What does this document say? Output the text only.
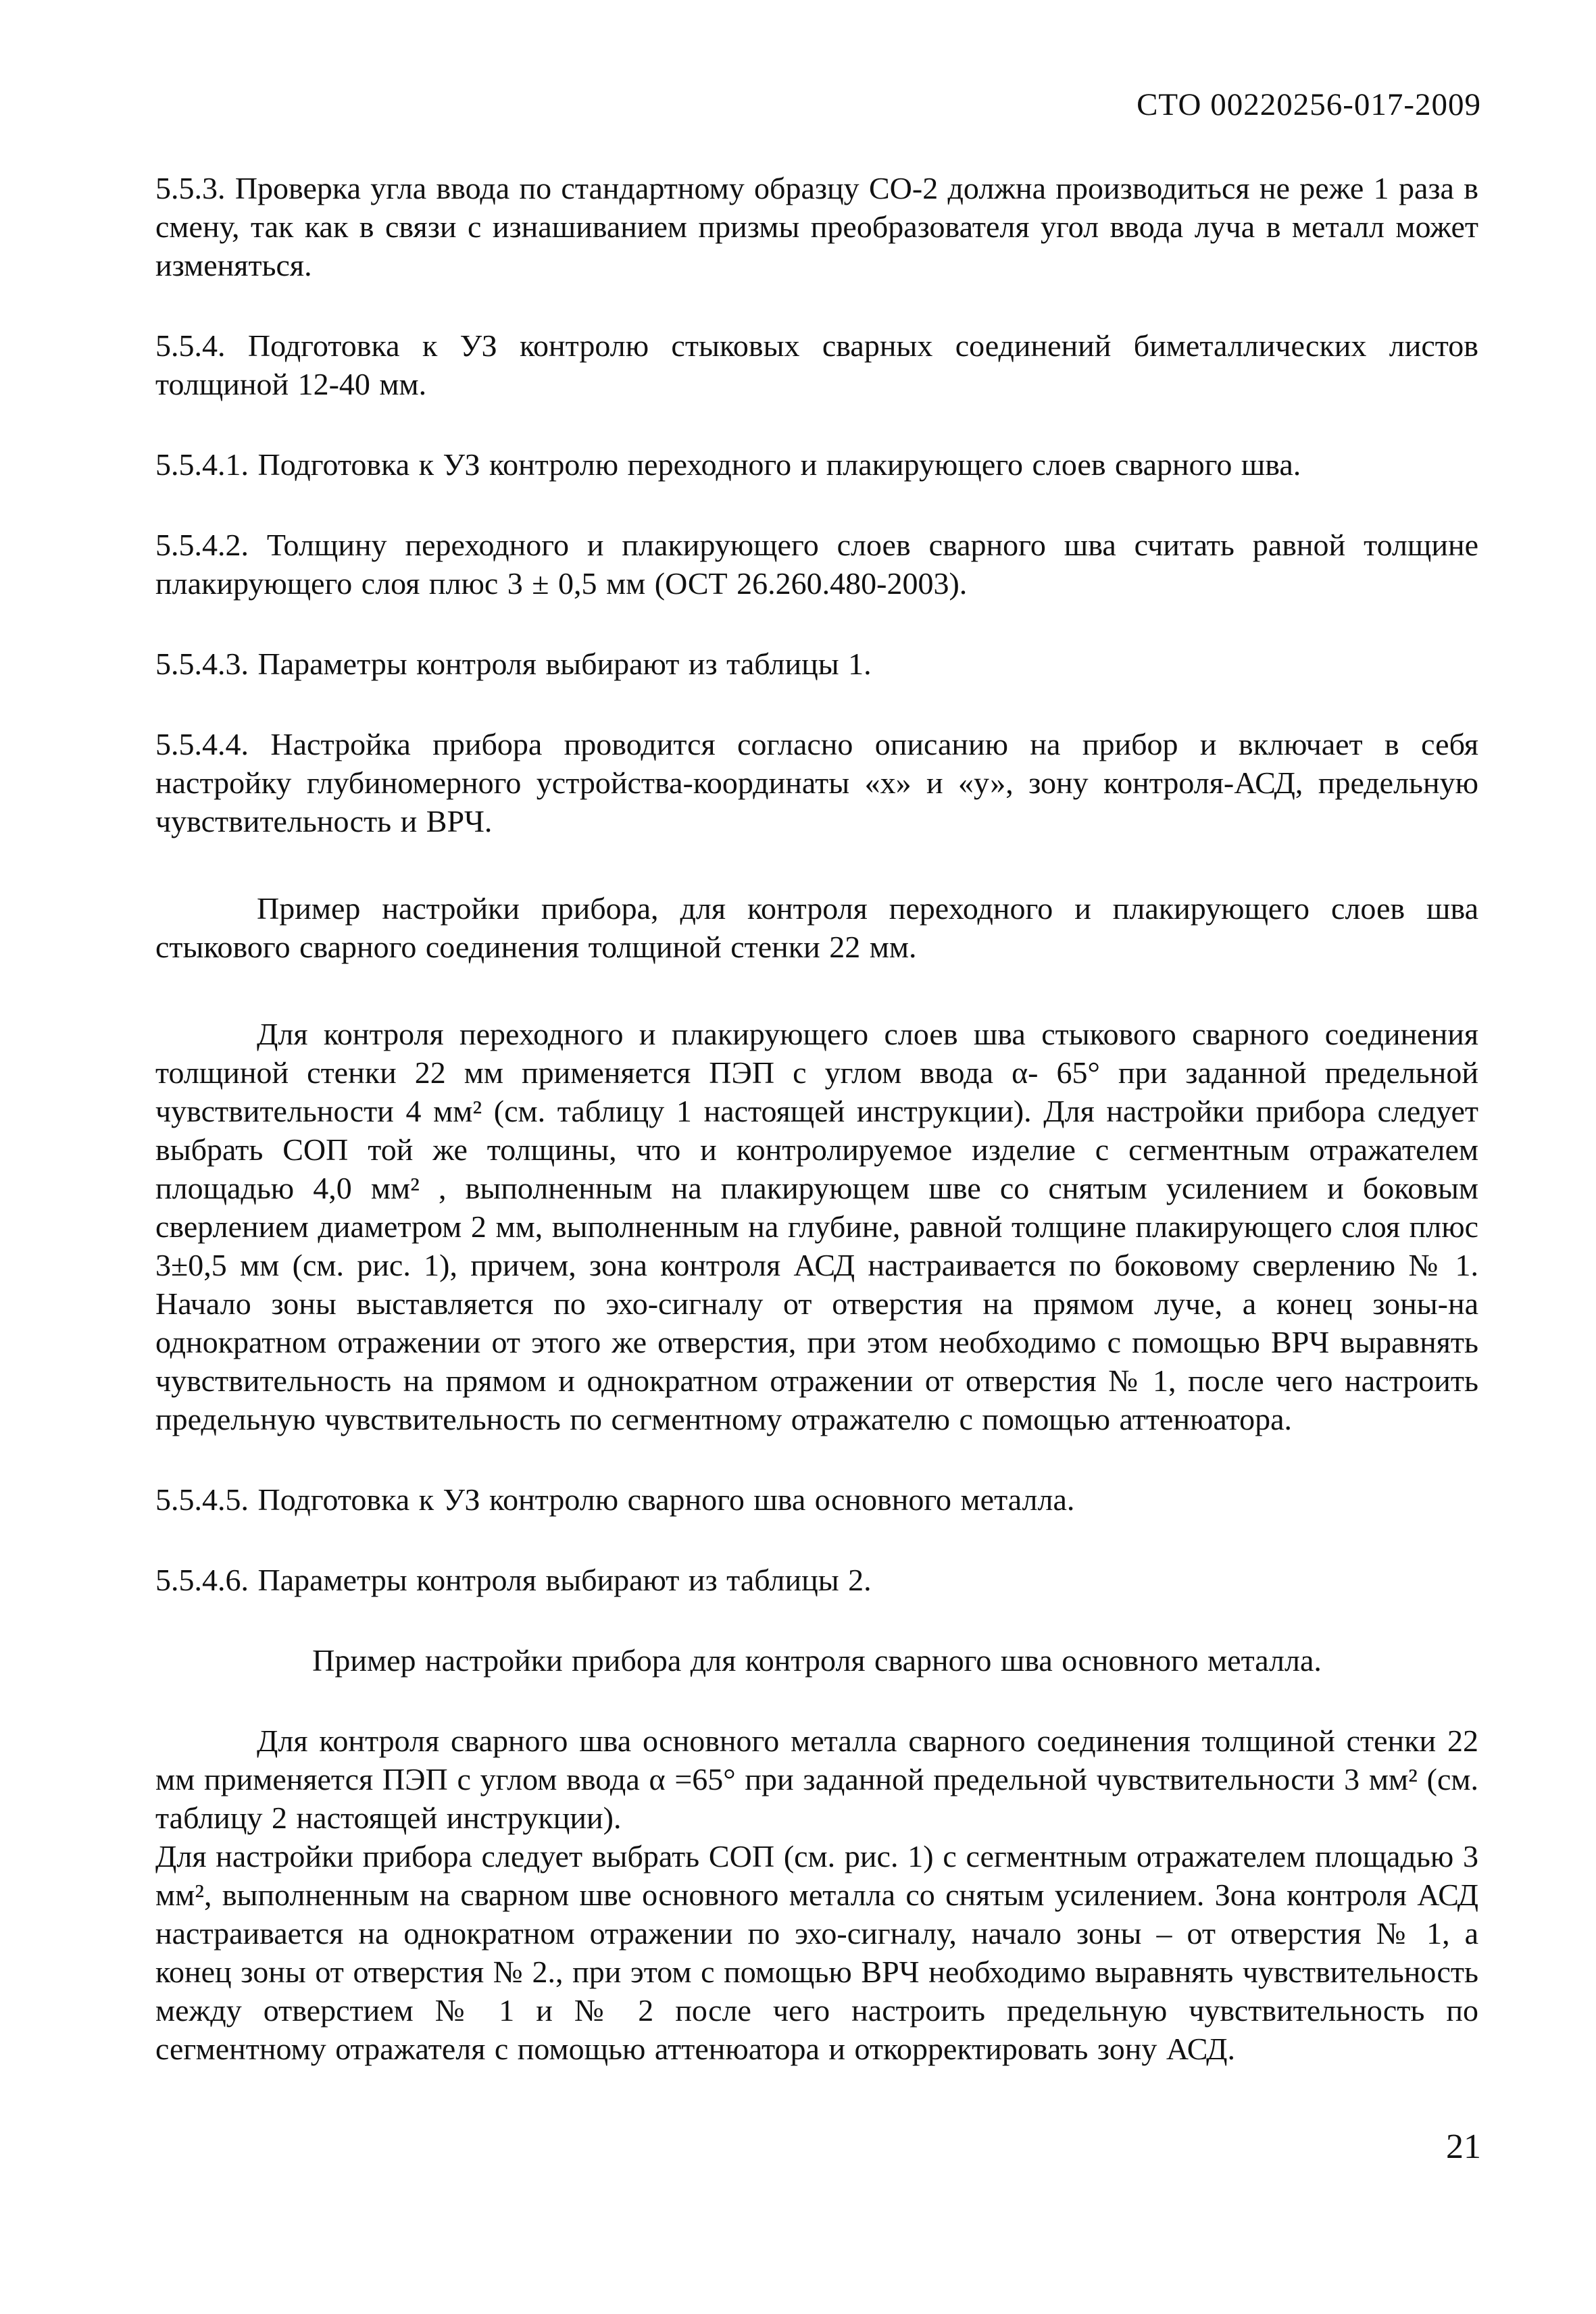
СТО 00220256-017-2009

5.5.3. Проверка угла ввода по стандартному образцу СО-2 должна производиться не реже 1 раза в смену, так как в связи с изнашиванием призмы преобразователя угол ввода луча в металл может изменяться.

5.5.4. Подготовка к УЗ контролю стыковых сварных соединений биметаллических листов толщиной 12-40 мм.

5.5.4.1. Подготовка к УЗ контролю переходного и плакирующего слоев сварного шва.

5.5.4.2. Толщину переходного и плакирующего слоев сварного шва считать равной толщине плакирующего слоя плюс 3 ± 0,5 мм (ОСТ 26.260.480-2003).

5.5.4.3. Параметры контроля выбирают из таблицы 1.

5.5.4.4. Настройка прибора проводится согласно описанию на прибор и включает в себя настройку глубиномерного устройства-координаты «х» и «у», зону контроля-АСД, предельную чувствительность и ВРЧ.

Пример настройки прибора, для контроля переходного и плакирующего слоев шва стыкового сварного соединения толщиной стенки 22 мм.

Для контроля переходного и плакирующего слоев шва стыкового сварного соединения толщиной стенки 22 мм применяется ПЭП с углом ввода α- 65° при заданной предельной чувствительности 4 мм² (см. таблицу 1 настоящей инструкции). Для настройки прибора следует выбрать СОП той же толщины, что и контролируемое изделие с сегментным отражателем площадью 4,0 мм² , выполненным на плакирующем шве со снятым усилением и боковым сверлением диаметром 2 мм, выполненным на глубине, равной толщине плакирующего слоя плюс 3±0,5 мм (см. рис. 1), причем, зона контроля АСД настраивается по боковому сверлению № 1. Начало зоны выставляется по эхо-сигналу от отверстия на прямом луче, а конец зоны-на однократном отражении от этого же отверстия, при этом необходимо с помощью ВРЧ выравнять чувствительность на прямом и однократном отражении от отверстия № 1, после чего настроить предельную чувствительность по сегментному отражателю с помощью аттенюатора.

5.5.4.5. Подготовка к УЗ контролю сварного шва основного металла.

5.5.4.6. Параметры контроля выбирают из таблицы 2.

Пример настройки прибора для контроля сварного шва основного металла.

Для контроля сварного шва основного металла сварного соединения толщиной стенки 22 мм применяется ПЭП с углом ввода α =65° при заданной предельной чувствительности 3 мм² (см. таблицу 2 настоящей инструкции).

Для настройки прибора следует выбрать СОП (см. рис. 1) с сегментным отражателем площадью 3 мм², выполненным на сварном шве основного металла со снятым усилением. Зона контроля АСД настраивается на однократном отражении по эхо-сигналу, начало зоны – от отверстия № 1, а конец зоны от отверстия № 2., при этом с помощью ВРЧ необходимо выравнять чувствительность между отверстием № 1 и № 2 после чего настроить предельную чувствительность по сегментному отражателя с помощью аттенюатора и откорректировать зону АСД.

21
